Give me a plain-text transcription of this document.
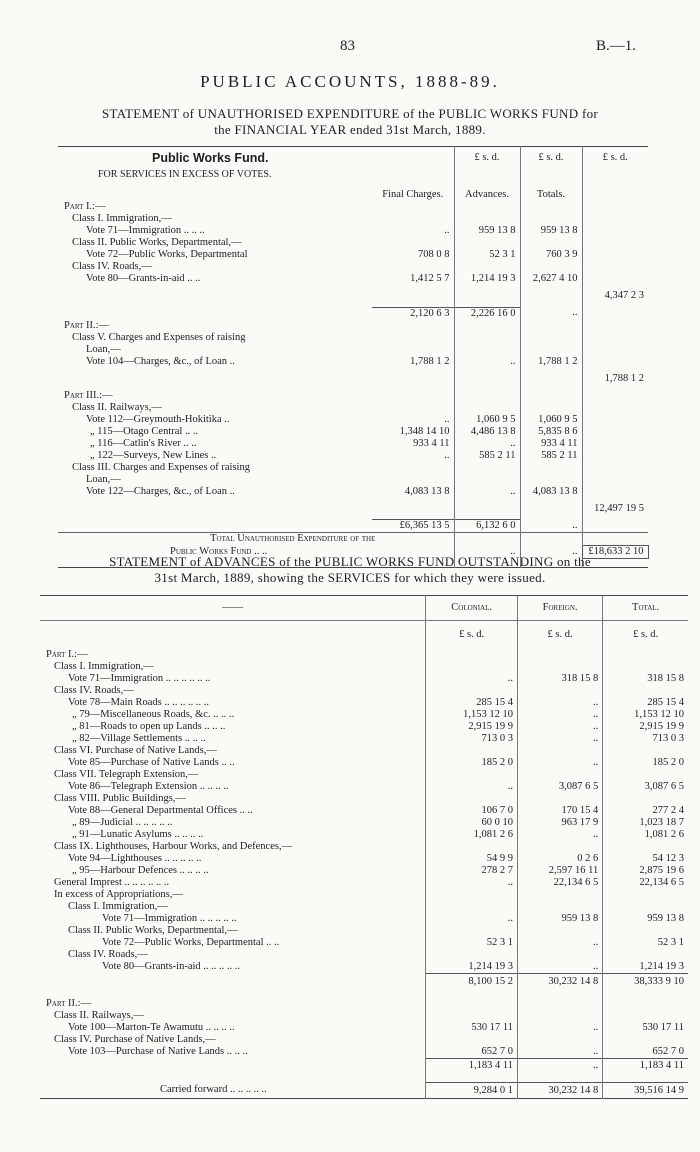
83	B.—1.
PUBLIC ACCOUNTS, 1888-89.
STATEMENT of UNAUTHORISED EXPENDITURE of the PUBLIC WORKS FUND for
the FINANCIAL YEAR ended 31st March, 1889.
Public Works Fund.		£ s. d.	£ s. d.	£ s. d.
FOR SERVICES IN EXCESS OF VOTES.				

	Final Charges.	Advances.	Totals.	
Part I.:—				
Class I. Immigration,—				
Vote 71—Immigration .. .. ..	..	959 13 8	959 13 8	
Class II. Public Works, Departmental,—				
Vote 72—Public Works, Departmental	708 0 8	52 3 1	760 3 9	
Class IV. Roads,—				
Vote 80—Grants-in-aid .. ..	1,412 5 7	1,214 19 3	2,627 4 10	
				4,347 2 3
	2,120 6 3	2,226 16 0	..	
Part II.:—				
Class V. Charges and Expenses of raising				
Loan,—				
Vote 104—Charges, &c., of Loan ..	1,788 1 2	..	1,788 1 2	
				1,788 1 2
Part III.:—				
Class II. Railways,—				
Vote 112—Greymouth-Hokitika ..	..	1,060 9 5	1,060 9 5	
„ 115—Otago Central .. ..	1,348 14 10	4,486 13 8	5,835 8 6	
„ 116—Catlin's River .. ..	933 4 11	..	933 4 11	
„ 122—Surveys, New Lines ..	..	585 2 11	585 2 11	
Class III. Charges and Expenses of raising				
Loan,—				
Vote 122—Charges, &c., of Loan ..	4,083 13 8	..	4,083 13 8	
				12,497 19 5
	£6,365 13 5	6,132 6 0	..	
Total Unauthorised Expenditure of the				
Public Works Fund .. ..		..	..	£18,633 2 10

STATEMENT of ADVANCES of the PUBLIC WORKS FUND OUTSTANDING on the
31st March, 1889, showing the SERVICES for which they were issued.
——	Colonial.	Foreign.	Total.

	£ s. d.	£ s. d.	£ s. d.

Part I.:—			
Class I. Immigration,—			
Vote 71—Immigration .. .. .. .. .. ..	..	318 15 8	318 15 8
Class IV. Roads,—			
Vote 78—Main Roads .. .. .. .. .. ..	285 15 4	..	285 15 4
„ 79—Miscellaneous Roads, &c. .. .. ..	1,153 12 10	..	1,153 12 10
„ 81—Roads to open up Lands .. .. ..	2,915 19 9	..	2,915 19 9
„ 82—Village Settlements .. .. ..	713 0 3	..	713 0 3
Class VI. Purchase of Native Lands,—			
Vote 85—Purchase of Native Lands .. ..	185 2 0	..	185 2 0
Class VII. Telegraph Extension,—			
Vote 86—Telegraph Extension .. .. .. ..	..	3,087 6 5	3,087 6 5
Class VIII. Public Buildings,—			
Vote 88—General Departmental Offices .. ..	106 7 0	170 15 4	277 2 4
„ 89—Judicial .. .. .. .. ..	60 0 10	963 17 9	1,023 18 7
„ 91—Lunatic Asylums .. .. .. ..	1,081 2 6	..	1,081 2 6
Class IX. Lighthouses, Harbour Works, and Defences,—			
Vote 94—Lighthouses .. .. .. .. ..	54 9 9	0 2 6	54 12 3
„ 95—Harbour Defences .. .. .. ..	278 2 7	2,597 16 11	2,875 19 6
General Imprest .. .. .. .. .. ..	..	22,134 6 5	22,134 6 5
In excess of Appropriations,—			
Class I. Immigration,—			
Vote 71—Immigration .. .. .. .. ..	..	959 13 8	959 13 8
Class II. Public Works, Departmental,—			
Vote 72—Public Works, Departmental .. ..	52 3 1	..	52 3 1
Class IV. Roads,—			
Vote 80—Grants-in-aid .. .. .. .. ..	1,214 19 3	..	1,214 19 3
	8,100 15 2	30,232 14 8	38,333 9 10

Part II.:—			
Class II. Railways,—			
Vote 100—Marton-Te Awamutu .. .. .. ..	530 17 11	..	530 17 11
Class IV. Purchase of Native Lands,—			
Vote 103—Purchase of Native Lands .. .. ..	652 7 0	..	652 7 0
	1,183 4 11	..	1,183 4 11

Carried forward .. .. .. .. ..	9,284 0 1	30,232 14 8	39,516 14 9
